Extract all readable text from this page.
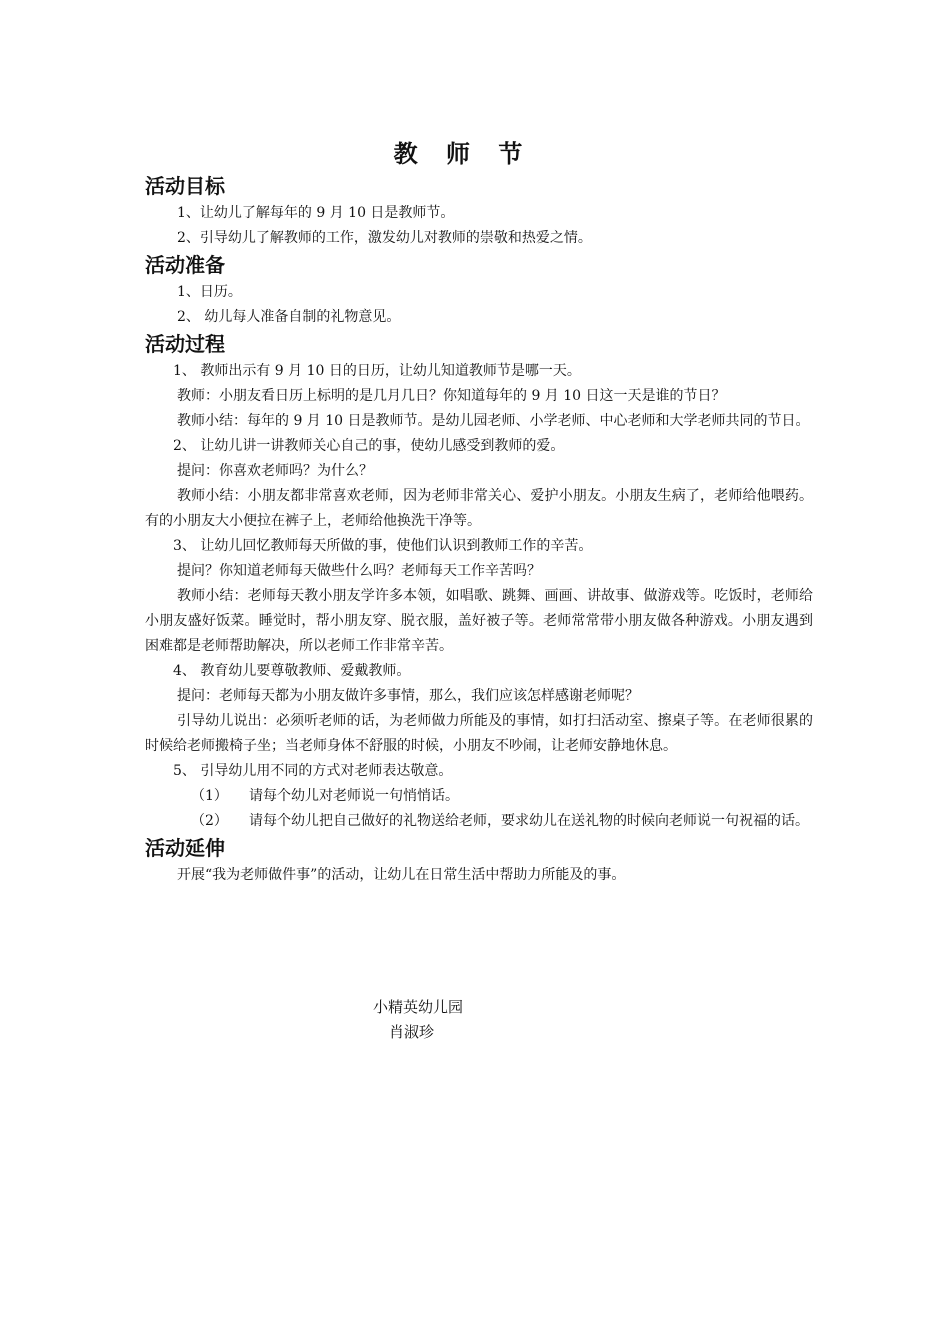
教 师 节
活动目标

1、让幼儿了解每年的 9 月 10 日是教师节。

2、引导幼儿了解教师的工作，激发幼儿对教师的崇敬和热爱之情。

活动准备

1、日历。

2、 幼儿每人准备自制的礼物意见。

活动过程

1、 教师出示有 9 月 10 日的日历，让幼儿知道教师节是哪一天。

教师：小朋友看日历上标明的是几月几日？你知道每年的 9 月 10 日这一天是谁的节日？

教师小结：每年的 9 月 10 日是教师节。是幼儿园老师、小学老师、中心老师和大学老师共同的节日。

2、 让幼儿讲一讲教师关心自己的事，使幼儿感受到教师的爱。

提问：你喜欢老师吗？为什么？

教师小结：小朋友都非常喜欢老师，因为老师非常关心、爱护小朋友。小朋友生病了，老师给他喂药。有的小朋友大小便拉在裤子上，老师给他换洗干净等。

3、 让幼儿回忆教师每天所做的事，使他们认识到教师工作的辛苦。

提问？你知道老师每天做些什么吗？老师每天工作辛苦吗？

教师小结：老师每天教小朋友学许多本领，如唱歌、跳舞、画画、讲故事、做游戏等。吃饭时，老师给小朋友盛好饭菜。睡觉时，帮小朋友穿、脱衣服，盖好被子等。老师常常带小朋友做各种游戏。小朋友遇到困难都是老师帮助解决，所以老师工作非常辛苦。

4、 教育幼儿要尊敬教师、爱戴教师。

提问：老师每天都为小朋友做许多事情，那么，我们应该怎样感谢老师呢？

引导幼儿说出：必须听老师的话，为老师做力所能及的事情，如打扫活动室、擦桌子等。在老师很累的时候给老师搬椅子坐；当老师身体不舒服的时候，小朋友不吵闹，让老师安静地休息。

5、 引导幼儿用不同的方式对老师表达敬意。

（1）	请每个幼儿对老师说一句悄悄话。
（2）	请每个幼儿把自己做好的礼物送给老师，要求幼儿在送礼物的时候向老师说一句祝福的话。
活动延伸

开展“我为老师做件事”的活动，让幼儿在日常生活中帮助力所能及的事。

小精英幼儿园
肖淑珍
